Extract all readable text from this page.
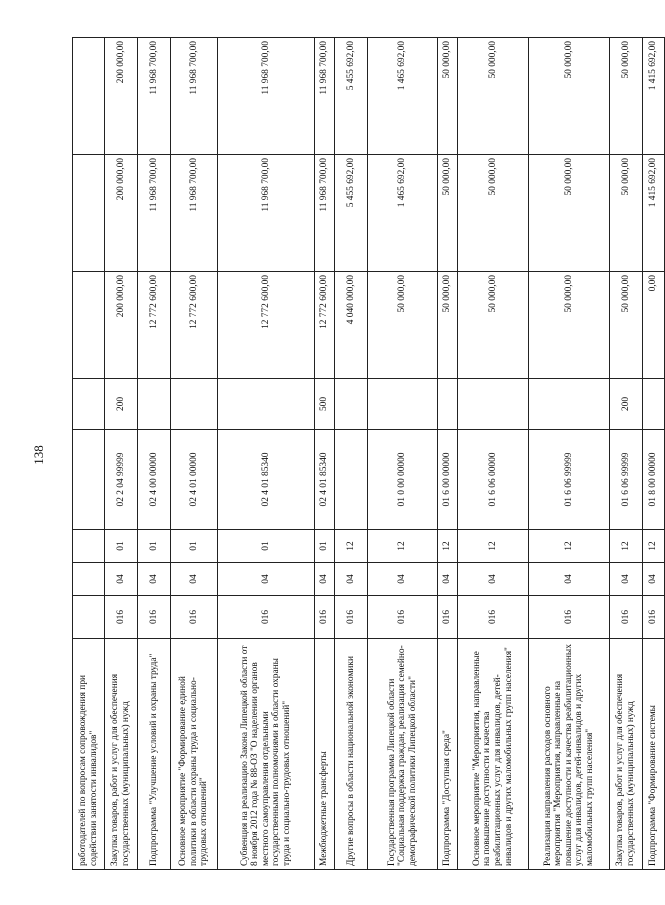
138
работодателей по вопросам сопровождения при содействии занятости инвалидов"								
Закупка товаров, работ и услуг для обеспечения государственных (муниципальных) нужд	016	04	01	02 2 04 99999	200	200 000,00	200 000,00	200 000,00
Подпрограмма "Улучшение условий и охраны труда"	016	04	01	02 4 00 00000		12 772 600,00	11 968 700,00	11 968 700,00
Основное мероприятие "Формирование единой политики в области охраны труда и социально-трудовых отношений"	016	04	01	02 4 01 00000		12 772 600,00	11 968 700,00	11 968 700,00
Субвенция на реализацию Закона Липецкой области от 8 ноября 2012 года № 88-ОЗ "О наделении органов местного самоуправления отдельными государственными полномочиями в области охраны труда и социально-трудовых отношений"	016	04	01	02 4 01 85340		12 772 600,00	11 968 700,00	11 968 700,00
Межбюджетные трансферты	016	04	01	02 4 01 85340	500	12 772 600,00	11 968 700,00	11 968 700,00
Другие вопросы в области национальной экономики	016	04	12			4 040 000,00	5 455 692,00	5 455 692,00
Государственная программа Липецкой области "Социальная поддержка граждан, реализация семейно-демографической политики Липецкой области"	016	04	12	01 0 00 00000		50 000,00	1 465 692,00	1 465 692,00
Подпрограмма "Доступная среда"	016	04	12	01 6 00 00000		50 000,00	50 000,00	50 000,00
Основное мероприятие "Мероприятия, направленные на повышение доступности и качества реабилитационных услуг для инвалидов, детей-инвалидов и других маломобильных групп населения"	016	04	12	01 6 06 00000		50 000,00	50 000,00	50 000,00
Реализация направления расходов основного мероприятия "Мероприятия, направленные на повышение доступности и качества реабилитационных услуг для инвалидов, детей-инвалидов и других маломобильных групп населения"	016	04	12	01 6 06 99999		50 000,00	50 000,00	50 000,00
Закупка товаров, работ и услуг для обеспечения государственных (муниципальных) нужд	016	04	12	01 6 06 99999	200	50 000,00	50 000,00	50 000,00
Подпрограмма "Формирование системы	016	04	12	01 8 00 00000		0,00	1 415 692,00	1 415 692,00
